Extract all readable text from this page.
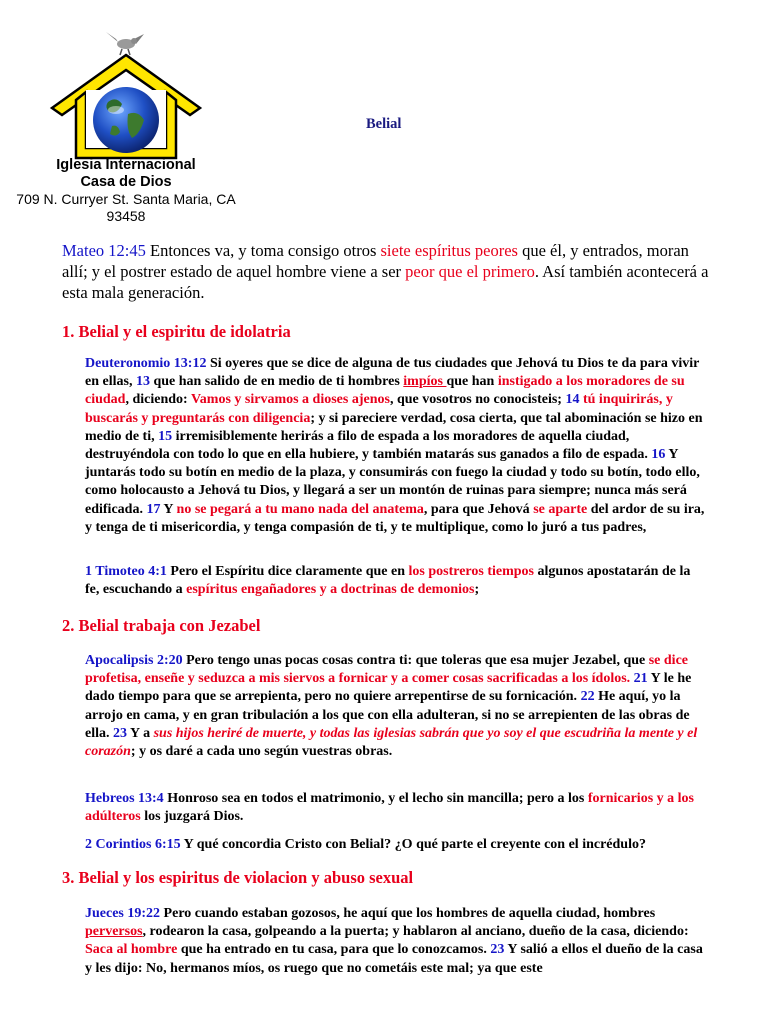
Iglesia Internacional
Casa de Dios
709 N. Curryer St. Santa Maria, CA
93458
Belial
Mateo 12:45 Entonces va, y toma consigo otros siete espíritus peores que él, y entrados, moran allí; y el postrer estado de aquel hombre viene a ser peor que el primero. Así también acontecerá a esta mala generación.
1. Belial y el espiritu de idolatria
Deuteronomio 13:12 Si oyeres que se dice de alguna de tus ciudades que Jehová tu Dios te da para vivir en ellas, 13 que han salido de en medio de ti hombres impíos que han instigado a los moradores de su ciudad, diciendo: Vamos y sirvamos a dioses ajenos, que vosotros no conocisteis; 14 tú inquirirás, y buscarás y preguntarás con diligencia; y si pareciere verdad, cosa cierta, que tal abominación se hizo en medio de ti, 15 irremisiblemente herirás a filo de espada a los moradores de aquella ciudad, destruyéndola con todo lo que en ella hubiere, y también matarás sus ganados a filo de espada. 16 Y juntarás todo su botín en medio de la plaza, y consumirás con fuego la ciudad y todo su botín, todo ello, como holocausto a Jehová tu Dios, y llegará a ser un montón de ruinas para siempre; nunca más será edificada. 17 Y no se pegará a tu mano nada del anatema, para que Jehová se aparte del ardor de su ira, y tenga de ti misericordia, y tenga compasión de ti, y te multiplique, como lo juró a tus padres,
1 Timoteo 4:1 Pero el Espíritu dice claramente que en los postreros tiempos algunos apostatarán de la fe, escuchando a espíritus engañadores y a doctrinas de demonios;
2. Belial trabaja con Jezabel
Apocalipsis 2:20 Pero tengo unas pocas cosas contra ti: que toleras que esa mujer Jezabel, que se dice profetisa, enseñe y seduzca a mis siervos a fornicar y a comer cosas sacrificadas a los ídolos. 21 Y le he dado tiempo para que se arrepienta, pero no quiere arrepentirse de su fornicación. 22 He aquí, yo la arrojo en cama, y en gran tribulación a los que con ella adulteran, si no se arrepienten de las obras de ella. 23 Y a sus hijos heriré de muerte, y todas las iglesias sabrán que yo soy el que escudriña la mente y el corazón; y os daré a cada uno según vuestras obras.
Hebreos 13:4 Honroso sea en todos el matrimonio, y el lecho sin mancilla; pero a los fornicarios y a los adúlteros los juzgará Dios.
2 Corintios 6:15 Y qué concordia Cristo con Belial? ¿O qué parte el creyente con el incrédulo?
3. Belial y los espiritus de violacion y abuso sexual
Jueces 19:22 Pero cuando estaban gozosos, he aquí que los hombres de aquella ciudad, hombres perversos, rodearon la casa, golpeando a la puerta; y hablaron al anciano, dueño de la casa, diciendo: Saca al hombre que ha entrado en tu casa, para que lo conozcamos. 23 Y salió a ellos el dueño de la casa y les dijo: No, hermanos míos, os ruego que no cometáis este mal; ya que este
